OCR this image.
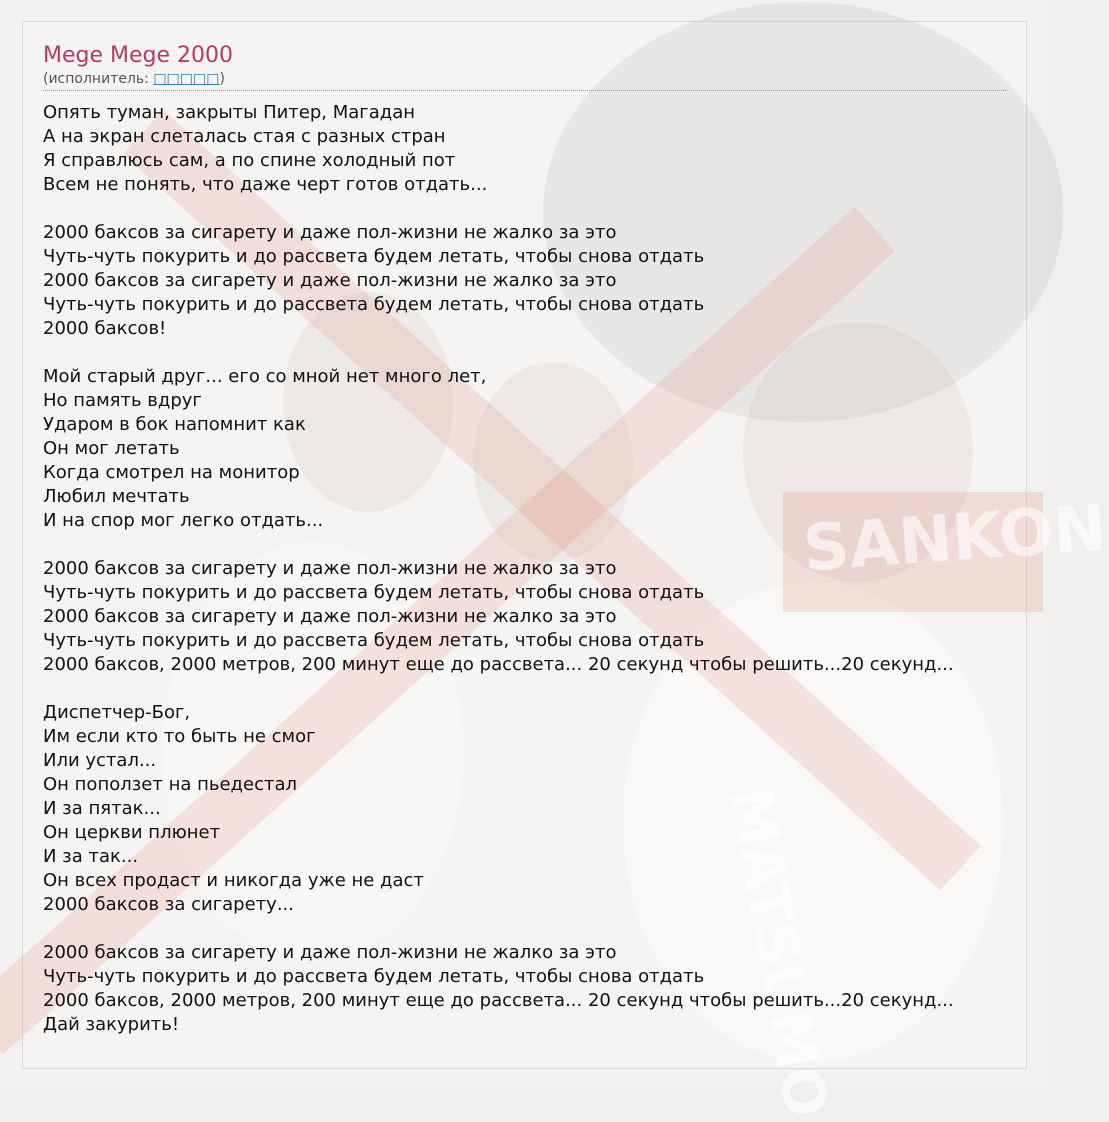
SANKON
MATSUMO
Mege Mege 2000
(исполнитель: □□□□□)
Опять туман, закрыты Питер, Магадан
А на экран слеталась стая с разных стран
Я справлюсь сам, а по спине холодный пот
Всем не понять, что даже черт готов отдать...
2000 баксов за сигарету и даже пол-жизни не жалко за это
Чуть-чуть покурить и до рассвета будем летать, чтобы снова отдать
2000 баксов за сигарету и даже пол-жизни не жалко за это
Чуть-чуть покурить и до рассвета будем летать, чтобы снова отдать
2000 баксов!
Мой старый друг... его со мной нет много лет,
Но память вдруг
Ударом в бок напомнит как
Он мог летать
Когда смотрел на монитор
Любил мечтать
И на спор мог легко отдать...
2000 баксов за сигарету и даже пол-жизни не жалко за это
Чуть-чуть покурить и до рассвета будем летать, чтобы снова отдать
2000 баксов за сигарету и даже пол-жизни не жалко за это
Чуть-чуть покурить и до рассвета будем летать, чтобы снова отдать
2000 баксов, 2000 метров, 200 минут еще до рассвета... 20 секунд чтобы решить...20 секунд...
Диспетчер-Бог,
Им если кто то быть не смог
Или устал...
Он поползет на пьедестал
И за пятак...
Он церкви плюнет
И за так...
Он всех продаст и никогда уже не даст
2000 баксов за сигарету...
2000 баксов за сигарету и даже пол-жизни не жалко за это
Чуть-чуть покурить и до рассвета будем летать, чтобы снова отдать
2000 баксов, 2000 метров, 200 минут еще до рассвета... 20 секунд чтобы решить...20 секунд...
Дай закурить!
